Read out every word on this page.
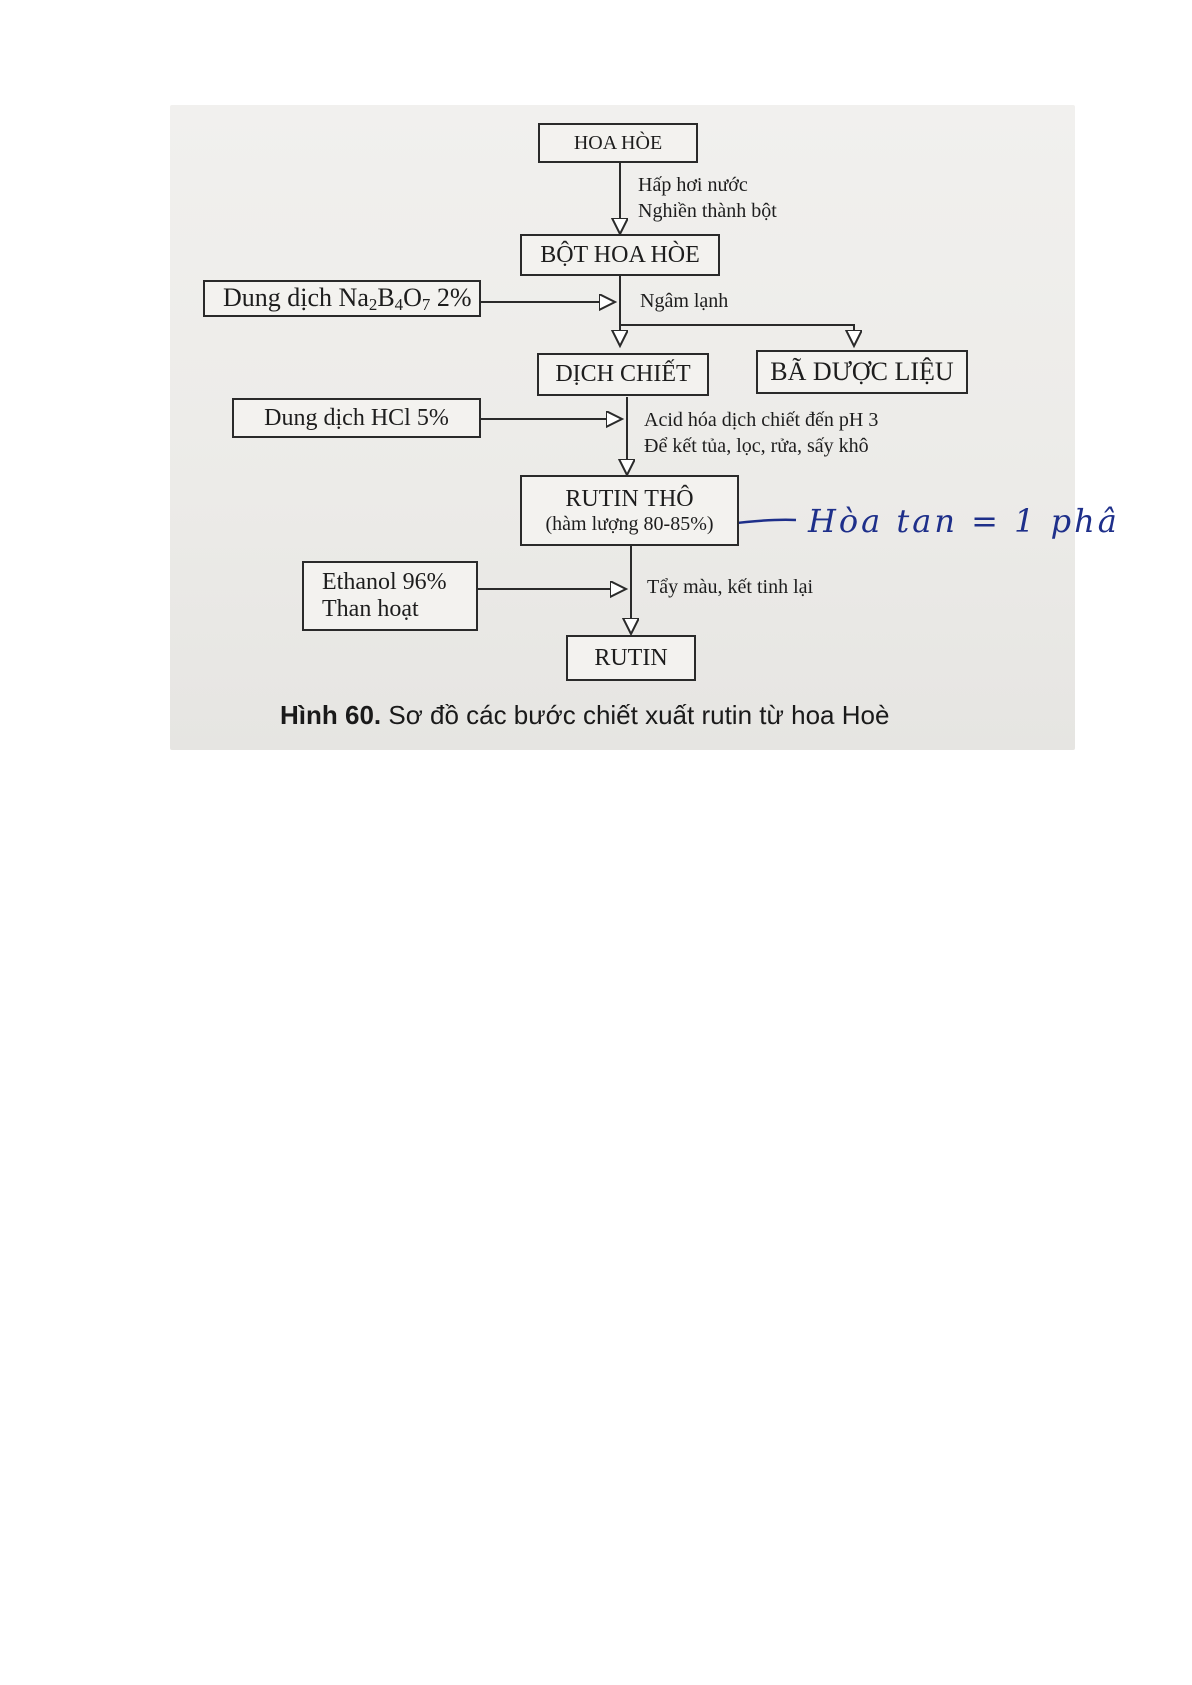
HOA HÒE
Hấp hơi nước
Nghiền thành bột
BỘT HOA HÒE
Dung dịch $Na_2B_4O_7$ 2%	Ngâm lạnh
DỊCH CHIẾT	BÃ DƯỢC LIỆU
Dung dịch HCl 5%	Acid hóa dịch chiết đến pH 3
Để kết tủa, lọc, rửa, sấy khô
RUTIN THÔ
(hàm lượng 80-85%)	Hòa tan = 1 phâ
Ethanol 96%
Than hoạt
Tẩy màu, kết tinh lại
RUTIN
Hình 60. Sơ đồ các bước chiết xuất rutin từ hoa Hoè
